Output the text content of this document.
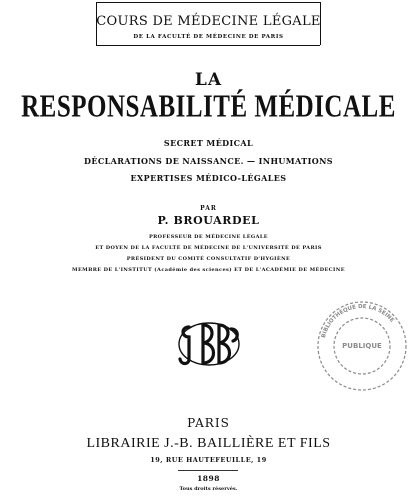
COURS DE MÉDECINE LÉGALE
DE LA FACULTÉ DE MÉDECINE DE PARIS
LA
RESPONSABILITÉ MÉDICALE
SECRET MÉDICAL
DÉCLARATIONS DE NAISSANCE. — INHUMATIONS
EXPERTISES MÉDICO-LÉGALES
PAR
P. BROUARDEL
PROFESSEUR DE MÉDECINE LÉGALE
ET DOYEN DE LA FACULTÉ DE MÉDECINE DE L'UNIVERSITÉ DE PARIS
PRÉSIDENT DU COMITÉ CONSULTATIF D'HYGIÈNE
MEMBRE DE L'INSTITUT (Académie des sciences) ET DE L'ACADÉMIE DE MÉDECINE
BIBLIOTHÈQUE DE LA SEINE
PUBLIQUE
PARIS
LIBRAIRIE J.-B. BAILLIÈRE ET FILS
19, RUE HAUTEFEUILLE, 19
1898
Tous droits réservés.
